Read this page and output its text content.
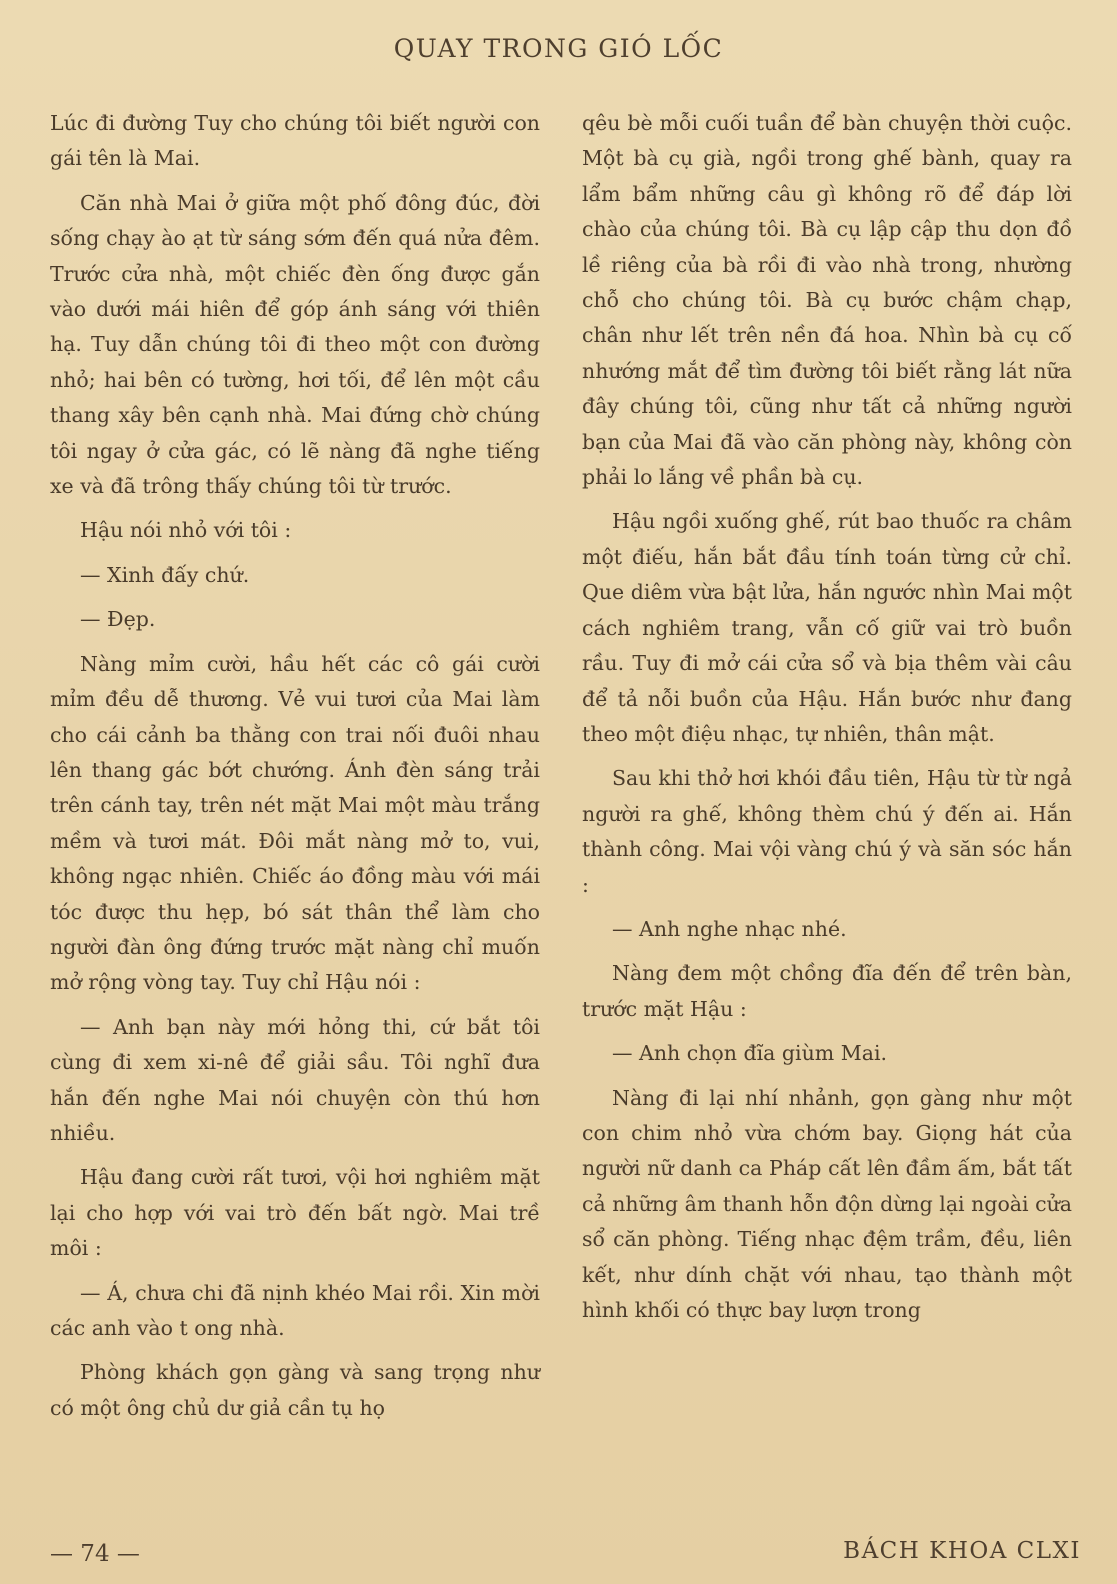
QUAY TRONG GIÓ LỐC

Lúc đi đường Tuy cho chúng tôi biết người con gái tên là Mai.

Căn nhà Mai ở giữa một phố đông đúc, đời sống chạy ào ạt từ sáng sớm đến quá nửa đêm. Trước cửa nhà, một chiếc đèn ống được gắn vào dưới mái hiên để góp ánh sáng với thiên hạ. Tuy dẫn chúng tôi đi theo một con đường nhỏ; hai bên có tường, hơi tối, để lên một cầu thang xây bên cạnh nhà. Mai đứng chờ chúng tôi ngay ở cửa gác, có lẽ nàng đã nghe tiếng xe và đã trông thấy chúng tôi từ trước.

Hậu nói nhỏ với tôi :

— Xinh đấy chứ.

— Đẹp.

Nàng mỉm cười, hầu hết các cô gái cười mỉm đều dễ thương. Vẻ vui tươi của Mai làm cho cái cảnh ba thằng con trai nối đuôi nhau lên thang gác bớt chướng. Ánh đèn sáng trải trên cánh tay, trên nét mặt Mai một màu trắng mềm và tươi mát. Đôi mắt nàng mở to, vui, không ngạc nhiên. Chiếc áo đồng màu với mái tóc được thu hẹp, bó sát thân thể làm cho người đàn ông đứng trước mặt nàng chỉ muốn mở rộng vòng tay. Tuy chỉ Hậu nói :

— Anh bạn này mới hỏng thi, cứ bắt tôi cùng đi xem xi-nê để giải sầu. Tôi nghĩ đưa hắn đến nghe Mai nói chuyện còn thú hơn nhiều.

Hậu đang cười rất tươi, vội hơi nghiêm mặt lại cho hợp với vai trò đến bất ngờ. Mai trề môi :

— Á, chưa chi đã nịnh khéo Mai rồi. Xin mời các anh vào t ong nhà.

Phòng khách gọn gàng và sang trọng như có một ông chủ dư giả cần tụ họ

qêu bè mỗi cuối tuần để bàn chuyện thời cuộc. Một bà cụ già, ngồi trong ghế bành, quay ra lẩm bẩm những câu gì không rõ để đáp lời chào của chúng tôi. Bà cụ lập cập thu dọn đồ lề riêng của bà rồi đi vào nhà trong, nhường chỗ cho chúng tôi. Bà cụ bước chậm chạp, chân như lết trên nền đá hoa. Nhìn bà cụ cố nhướng mắt để tìm đường tôi biết rằng lát nữa đây chúng tôi, cũng như tất cả những người bạn của Mai đã vào căn phòng này, không còn phải lo lắng về phần bà cụ.

Hậu ngồi xuống ghế, rút bao thuốc ra châm một điếu, hắn bắt đầu tính toán từng cử chỉ. Que diêm vừa bật lửa, hắn ngước nhìn Mai một cách nghiêm trang, vẫn cố giữ vai trò buồn rầu. Tuy đi mở cái cửa sổ và bịa thêm vài câu để tả nỗi buồn của Hậu. Hắn bước như đang theo một điệu nhạc, tự nhiên, thân mật.

Sau khi thở hơi khói đầu tiên, Hậu từ từ ngả người ra ghế, không thèm chú ý đến ai. Hắn thành công. Mai vội vàng chú ý và săn sóc hắn :

— Anh nghe nhạc nhé.

Nàng đem một chồng đĩa đến để trên bàn, trước mặt Hậu :

— Anh chọn đĩa giùm Mai.

Nàng đi lại nhí nhảnh, gọn gàng như một con chim nhỏ vừa chớm bay. Giọng hát của người nữ danh ca Pháp cất lên đầm ấm, bắt tất cả những âm thanh hỗn độn dừng lại ngoài cửa sổ căn phòng. Tiếng nhạc đệm trầm, đều, liên kết, như dính chặt với nhau, tạo thành một hình khối có thực bay lượn trong

— 74 —	BÁCH KHOA CLXI
